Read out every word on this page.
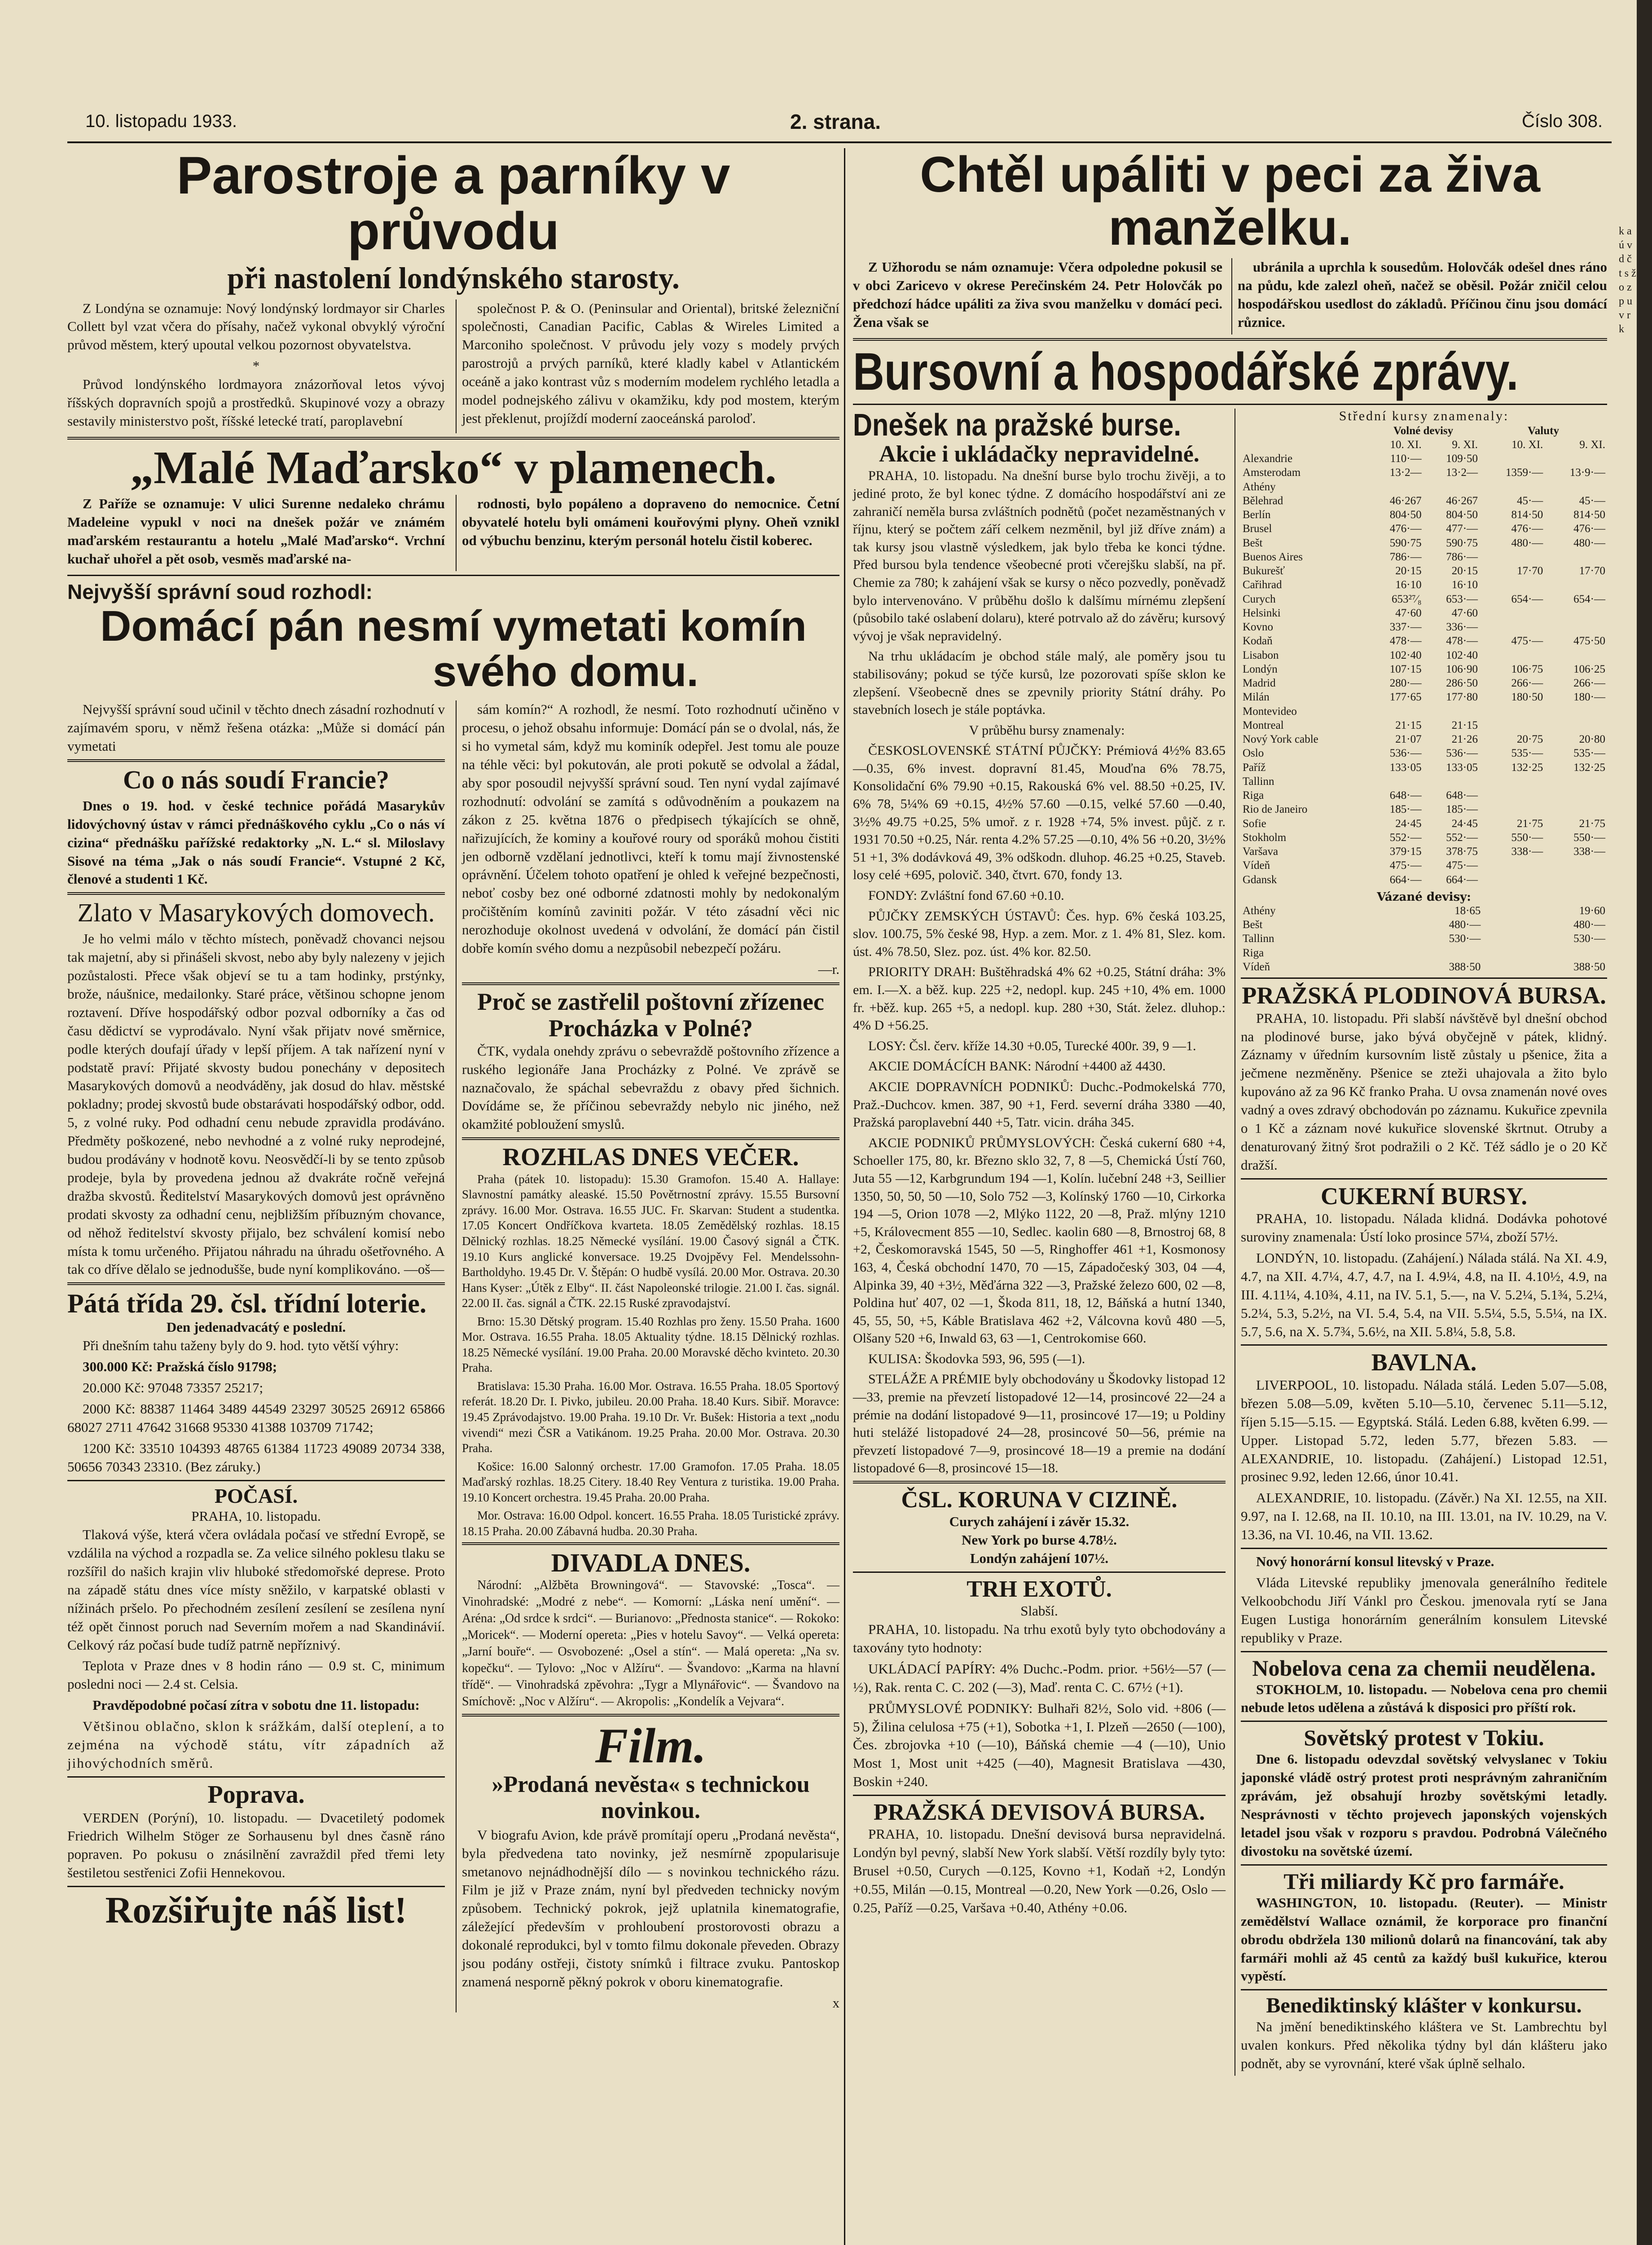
10. listopadu 1933.	2. strana.	Číslo 308.
Parostroje a parníky v průvodu
při nastolení londýnského starosty.

Z Londýna se oznamuje: Nový londýnský lordmayor sir Charles Collett byl vzat včera do přísahy, načež vykonal obvyklý výroční průvod městem, který upoutal velkou pozornost obyvatelstva.

*

Průvod londýnského lordmayora znázorňoval letos vývoj říšských dopravních spojů a prostředků. Skupinové vozy a obrazy sestavily ministerstvo pošt, říšské letecké tratí, paroplavební

společnost P. & O. (Peninsular and Oriental), britské železniční společnosti, Canadian Pacific, Cablas & Wireles Limited a Marconiho společnost. V průvodu jely vozy s modely prvých parostrojů a prvých parníků, které kladly kabel v Atlantickém oceáně a jako kontrast vůz s moderním modelem rychlého letadla a model podnejského zálivu v okamžiku, kdy pod mostem, kterým jest překlenut, projíždí moderní zaoceánská paroloď.

„Malé Maďarsko“ v plamenech.

Z Paříže se oznamuje: V ulici Surenne nedaleko chrámu Madeleine vypukl v noci na dnešek požár ve známém maďarském restaurantu a hotelu „Malé Maďarsko“. Vrchní kuchař uhořel a pět osob, vesměs maďarské na-

rodnosti, bylo popáleno a dopraveno do nemocnice. Četní obyvatelé hotelu byli omámeni kouřovými plyny. Oheň vznikl od výbuchu benzinu, kterým personál hotelu čistil koberec.

Nejvyšší správní soud rozhodl:
Domácí pán nesmí vymetati komín
svého domu.

Nejvyšší správní soud učinil v těchto dnech zásadní rozhodnutí v zajímavém sporu, v němž řešena otázka: „Může si domácí pán vymetati

Co o nás soudí Francie?

Dnes o 19. hod. v české technice pořádá Masarykův lidovýchovný ústav v rámci přednáškového cyklu „Co o nás ví cizina“ přednášku pařížské redaktorky „N. L.“ sl. Miloslavy Sisové na téma „Jak o nás soudí Francie“. Vstupné 2 Kč, členové a studenti 1 Kč.

Zlato v Masarykových domovech.

Je ho velmi málo v těchto místech, poněvadž chovanci nejsou tak majetní, aby si přinášeli skvost, nebo aby byly nalezeny v jejich pozůstalosti. Přece však objeví se tu a tam hodinky, prstýnky, brože, náušnice, medailonky. Staré práce, většinou schopne jenom roztavení. Dříve hospodářský odbor pozval odborníky a čas od času dědictví se vyprodávalo. Nyní však přijatv nové směrnice, podle kterých doufají úřady v lepší příjem. A tak nařízení nyní v podstatě praví: Přijaté skvosty budou ponechány v depositech Masarykových domovů a neodváděny, jak dosud do hlav. městské pokladny; prodej skvostů bude obstarávati hospodářský odbor, odd. 5, z volné ruky. Pod odhadní cenu nebude zpravidla prodáváno. Předměty poškozené, nebo nevhodné a z volné ruky neprodejné, budou prodávány v hodnotě kovu. Neosvědčí-li by se tento způsob prodeje, byla by provedena jednou až dvakráte ročně veřejná dražba skvostů. Ředitelství Masarykových domovů jest oprávněno prodati skvosty za odhadní cenu, nejbližším příbuzným chovance, od něhož ředitelství skvosty přijalo, bez schválení komisí nebo místa k tomu určeného. Přijatou náhradu na úhradu ošetřovného. A tak co dříve dělalo se jednodušše, bude nyní komplikováno. —oš—

Pátá třída 29. čsl. třídní loterie.
Den jedenadvacátý e poslední.

Při dnešním tahu taženy byly do 9. hod. tyto větší výhry:

300.000 Kč: Pražská číslo 91798;

20.000 Kč: 97048 73357 25217;

2000 Kč: 88387 11464 3489 44549 23297 30525 26912 65866 68027 2711 47642 31668 95330 41388 103709 71742;

1200 Kč: 33510 104393 48765 61384 11723 49089 20734 338, 50656 70343 23310. (Bez záruky.)

POČASÍ.
PRAHA, 10. listopadu.

Tlaková výše, která včera ovládala počasí ve střední Evropě, se vzdálila na východ a rozpadla se. Za velice silného poklesu tlaku se rozšířil do našich krajin vliv hluboké středomořské deprese. Proto na západě státu dnes více místy sněžilo, v karpatské oblasti v nížinách pršelo. Po přechodném zesílení zesílení se zesílena nyní též opět činnost poruch nad Severním mořem a nad Skandinávií. Celkový ráz počasí bude tudíž patrně nepříznivý.

Teplota v Praze dnes v 8 hodin ráno — 0.9 st. C, minimum posledni noci — 2.4 st. Celsia.

Pravděpodobné počasí zítra v sobotu dne 11. listopadu:

Většinou oblačno, sklon k srážkám, další oteplení, a to zejména na východě státu, vítr západních až jihovýchodních směrů.

Poprava.

VERDEN (Porýní), 10. listopadu. — Dvacetiletý podomek Friedrich Wilhelm Stöger ze Sorhausenu byl dnes časně ráno popraven. Po pokusu o znásilnění zavraždil před třemi lety šestiletou sestřenici Zofii Hennekovou.

Rozšiřujte náš list!

sám komín?“ A rozhodl, že nesmí. Toto rozhodnutí učiněno v procesu, o jehož obsahu informuje: Domácí pán se o dvolal, nás, že si ho vymetal sám, když mu kominík odepřel. Jest tomu ale pouze na téhle věci: byl pokutován, ale proti pokutě se odvolal a žádal, aby spor posoudil nejvyšší správní soud. Ten nyní vydal zajímavé rozhodnutí: odvolání se zamítá s odůvodněním a poukazem na zákon z 25. května 1876 o předpisech týkajících se ohně, nařizujících, že kominy a kouřové roury od sporáků mohou čistiti jen odborně vzdělaní jednotlivci, kteří k tomu mají živnostenské oprávnění. Účelem tohoto opatření je ohled k veřejné bezpečnosti, neboť cosby bez oné odborné zdatnosti mohly by nedokonalým pročištěním komínů zaviniti požár. V této zásadní věci nic nerozhoduje okolnost uvedená v odvolání, že domácí pán čistil dobře komín svého domu a nezpůsobil nebezpečí požáru.

—r.
Proč se zastřelil poštovní zřízenec Procházka v Polné?

ČTK, vydala onehdy zprávu o sebevraždě poštovního zřízence a ruského legionáře Jana Procházky z Polné. Ve zprávě se naznačovalo, že spáchal sebevraždu z obavy před šichnich. Dovídáme se, že příčinou sebevraždy nebylo nic jiného, než okamžité pobloužení smyslů.

ROZHLAS DNES VEČER.

Praha (pátek 10. listopadu): 15.30 Gramofon. 15.40 A. Hallaye: Slavnostní památky aleaské. 15.50 Povětrnostní zprávy. 15.55 Bursovní zprávy. 16.00 Mor. Ostrava. 16.55 JUC. Fr. Skarvan: Student a studentka. 17.05 Koncert Ondříčkova kvarteta. 18.05 Zemědělský rozhlas. 18.15 Dělnický rozhlas. 18.25 Německé vysílání. 19.00 Časový signál a ČTK. 19.10 Kurs anglické konversace. 19.25 Dvojpěvy Fel. Mendelssohn-Bartholdyho. 19.45 Dr. V. Štěpán: O hudbě vysílá. 20.00 Mor. Ostrava. 20.30 Hans Kyser: „Útěk z Elby“. II. část Napoleonské trilogie. 21.00 I. čas. signál. 22.00 II. čas. signál a ČTK. 22.15 Ruské zpravodajství.

Brno: 15.30 Dětský program. 15.40 Rozhlas pro ženy. 15.50 Praha. 1600 Mor. Ostrava. 16.55 Praha. 18.05 Aktuality týdne. 18.15 Dělnický rozhlas. 18.25 Německé vysílání. 19.00 Praha. 20.00 Moravské děcho kvinteto. 20.30 Praha.

Bratislava: 15.30 Praha. 16.00 Mor. Ostrava. 16.55 Praha. 18.05 Sportový referát. 18.20 Dr. I. Pivko, jubileu. 20.00 Praha. 18.40 Kurs. Sibiř. Moravce: 19.45 Zprávodajstvo. 19.00 Praha. 19.10 Dr. Vr. Bušek: Historia a text „nodu vivendi“ mezi ČSR a Vatikánom. 19.25 Praha. 20.00 Mor. Ostrava. 20.30 Praha.

Košice: 16.00 Salonný orchestr. 17.00 Gramofon. 17.05 Praha. 18.05 Maďarský rozhlas. 18.25 Citery. 18.40 Rey Ventura z turistika. 19.00 Praha. 19.10 Koncert orchestra. 19.45 Praha. 20.00 Praha.

Mor. Ostrava: 16.00 Odpol. koncert. 16.55 Praha. 18.05 Turistické zprávy. 18.15 Praha. 20.00 Zábavná hudba. 20.30 Praha.

DIVADLA DNES.

Národní: „Alžběta Browningová“. — Stavovské: „Tosca“. — Vinohradské: „Modré z nebe“. — Komorní: „Láska není umění“. — Aréna: „Od srdce k srdci“. — Burianovo: „Přednosta stanice“. — Rokoko: „Moricek“. — Moderní opereta: „Pies v hotelu Savoy“. — Velká opereta: „Jarní bouře“. — Osvobozené: „Osel a stín“. — Malá opereta: „Na sv. kopečku“. — Tylovo: „Noc v Alžíru“. — Švandovo: „Karma na hlavní třídě“. — Vinohradská zpěvohra: „Tygr a Mlynářovic“. — Švandovo na Smíchově: „Noc v Alžíru“. — Akropolis: „Kondelík a Vejvara“.

Film.
»Prodaná nevěsta« s technickou novinkou.

V biografu Avion, kde právě promítají operu „Prodaná nevěsta“, byla předvedena tato novinky, jež nesmírně zpopularisuje smetanovo nejnádhodnější dílo — s novinkou technického rázu. Film je již v Praze znám, nyní byl předveden technicky novým způsobem. Technický pokrok, jejž uplatnila kinematografie, záležející především v prohloubení prostorovosti obrazu a dokonalé reprodukci, byl v tomto filmu dokonale převeden. Obrazy jsou podány ostřeji, čistoty snímků i filtrace zvuku. Pantoskop znamená nesporně pěkný pokrok v oboru kinematografie.

x
Chtěl upáliti v peci za živa manželku.

Z Užhorodu se nám oznamuje: Včera odpoledne pokusil se v obci Zaricevo v okrese Perečinském 24. Petr Holovčák po předchozí hádce upáliti za živa svou manželku v domácí peci. Žena však se

ubránila a uprchla k sousedům. Holovčák odešel dnes ráno na půdu, kde zalezl oheň, načež se oběsil. Požár zničil celou hospodářskou usedlost do základů. Příčinou činu jsou domácí různice.

Bursovní a hospodářské zprávy.
Dnešek na pražské burse.
Akcie i ukládačky nepravidelné.

PRAHA, 10. listopadu. Na dnešní burse bylo trochu živěji, a to jediné proto, že byl konec týdne. Z domácího hospodářství ani ze zahraničí neměla bursa zvláštních podnětů (počet nezaměstnaných v říjnu, který se počtem září celkem nezměnil, byl již dříve znám) a tak kursy jsou vlastně výsledkem, jak bylo třeba ke konci týdne. Před bursou byla tendence všeobecné proti včerejšku slabší, na př. Chemie za 780; k zahájení však se kursy o něco pozvedly, poněvadž bylo intervenováno. V průběhu došlo k dalšímu mírnému zlepšení (působilo také oslabení dolaru), které potrvalo až do závěru; kursový vývoj je však nepravidelný.

Na trhu ukládacím je obchod stále malý, ale poměry jsou tu stabilisovány; pokud se týče kursů, lze pozorovati spíše sklon ke zlepšení. Všeobecně dnes se zpevnily priority Státní dráhy. Po stavebních losech je stále poptávka.

V průběhu bursy znamenaly:

ČESKOSLOVENSKÉ STÁTNÍ PŮJČKY: Prémiová 4½% 83.65 —0.35, 6% invest. dopravní 81.45, Mouďna 6% 78.75, Konsolidační 6% 79.90 +0.15, Rakouská 6% vel. 88.50 +0.25, IV. 6% 78, 5¼% 69 +0.15, 4½% 57.60 —0.15, velké 57.60 —0.40, 3½% 49.75 +0.25, 5% umoř. z r. 1928 +74, 5% invest. půjč. z r. 1931 70.50 +0.25, Nár. renta 4.2% 57.25 —0.10, 4% 56 +0.20, 3½% 51 +1, 3% dodávková 49, 3% odškodn. dluhop. 46.25 +0.25, Staveb. losy celé +695, polovič. 340, čtvrt. 670, fondy 13.

FONDY: Zvláštní fond 67.60 +0.10.

PŮJČKY ZEMSKÝCH ÚSTAVŮ: Čes. hyp. 6% česká 103.25, slov. 100.75, 5% české 98, Hyp. a zem. Mor. z 1. 4% 81, Slez. kom. úst. 4% 78.50, Slez. poz. úst. 4% kor. 82.50.

PRIORITY DRAH: Buštěhradská 4% 62 +0.25, Státní dráha: 3% em. I.—X. a běž. kup. 225 +2, nedopl. kup. 245 +10, 4% em. 1000 fr. +běž. kup. 265 +5, a nedopl. kup. 280 +30, Stát. želez. dluhop.: 4% D +56.25.

LOSY: Čsl. červ. kříže 14.30 +0.05, Turecké 400r. 39, 9 —1.

AKCIE DOMÁCÍCH BANK: Národní +4400 až 4430.

AKCIE DOPRAVNÍCH PODNIKŮ: Duchc.-Podmokelská 770, Praž.-Duchcov. kmen. 387, 90 +1, Ferd. severní dráha 3380 —40, Pražská paroplavební 440 +5, Tatr. vicin. dráha 345.

AKCIE PODNIKŮ PRŮMYSLOVÝCH: Česká cukerní 680 +4, Schoeller 175, 80, kr. Březno sklo 32, 7, 8 —5, Chemická Ústí 760, Juta 55 —12, Karbgrundum 194 —1, Kolín. lučební 248 +3, Seillier 1350, 50, 50, 50 —10, Solo 752 —3, Kolínský 1760 —10, Cirkorka 194 —5, Orion 1078 —2, Mlýko 1122, 20 —8, Praž. mlýny 1210 +5, Královecment 855 —10, Sedlec. kaolin 680 —8, Brnostroj 68, 8 +2, Českomoravská 1545, 50 —5, Ringhoffer 461 +1, Kosmonosy 163, 4, Česká obchodní 1470, 70 —15, Západočeský 303, 04 —4, Alpinka 39, 40 +3½, Měďárna 322 —3, Pražské železo 600, 02 —8, Poldina huť 407, 02 —1, Škoda 811, 18, 12, Báňská a hutní 1340, 45, 55, 50, +5, Káble Bratislava 462 +2, Válcovna kovů 480 —5, Olšany 520 +6, Inwald 63, 63 —1, Centrokomise 660.

KULISA: Škodovka 593, 96, 595 (—1).

STELÁŽE A PRÉMIE byly obchodovány u Škodovky listopad 12—33, premie na převzetí listopadové 12—14, prosincové 22—24 a prémie na dodání listopadové 9—11, prosincové 17—19; u Poldiny huti stelážé listopadové 24—28, prosincové 50—56, prémie na převzetí listopadové 7—9, prosincové 18—19 a premie na dodání listopadové 6—8, prosincové 15—18.

ČSL. KORUNA V CIZINĚ.
Curych zahájení i závěr 15.32.
New York po burse 4.78½.
Londýn zahájení 107½.
TRH EXOTŮ.
Slabší.

PRAHA, 10. listopadu. Na trhu exotů byly tyto obchodovány a taxovány tyto hodnoty:

UKLÁDACÍ PAPÍRY: 4% Duchc.-Podm. prior. +56½—57 (—½), Rak. renta C. C. 202 (—3), Maď. renta C. C. 67½ (+1).

PRŮMYSLOVÉ PODNIKY: Bulhaři 82½, Solo vid. +806 (—5), Žilina celulosa +75 (+1), Sobotka +1, I. Plzeň —2650 (—100), Čes. zbrojovka +10 (—10), Báňská chemie —4 (—10), Unio Most 1, Most unit +425 (—40), Magnesit Bratislava —430, Boskin +240.

PRAŽSKÁ DEVISOVÁ BURSA.

PRAHA, 10. listopadu. Dnešní devisová bursa nepravidelná. Londýn byl pevný, slabší New York slabší. Větší rozdíly byly tyto: Brusel +0.50, Curych —0.125, Kovno +1, Kodaň +2, Londýn +0.55, Milán —0.15, Montreal —0.20, New York —0.26, Oslo —0.25, Paříž —0.25, Varšava +0.40, Athény +0.06.

Střední kursy znamenaly:
	Volné devisy		Valuty	
	10. XI.	9. XI.	10. XI.	9. XI.
Alexandrie	110·—	109·50		
Amsterodam	13·2—	13·2—	1359·—	13·9·—
Athény				
Bělehrad	46·267	46·267	45·—	45·—
Berlín	804·50	804·50	814·50	814·50
Brusel	476·—	477·—	476·—	476·—
Bešt	590·75	590·75	480·—	480·—
Buenos Aires	786·—	786·—		
Bukurešť	20·15	20·15	17·70	17·70
Cařihrad	16·10	16·10		
Curych	653²⁷⁄₈	653·—	654·—	654·—
Helsinki	47·60	47·60		
Kovno	337·—	336·—		
Kodaň	478·—	478·—	475·—	475·50
Lisabon	102·40	102·40		
Londýn	107·15	106·90	106·75	106·25
Madrid	280·—	286·50	266·—	266·—
Milán	177·65	177·80	180·50	180·—
Montevideo				
Montreal	21·15	21·15		
Nový York cable	21·07	21·26	20·75	20·80
Oslo	536·—	536·—	535·—	535·—
Paříž	133·05	133·05	132·25	132·25
Tallinn				
Riga	648·—	648·—		
Rio de Janeiro	185·—	185·—		
Sofie	24·45	24·45	21·75	21·75
Stokholm	552·—	552·—	550·—	550·—
Varšava	379·15	378·75	338·—	338·—
Vídeň	475·—	475·—		
Gdansk	664·—	664·—		
Vázané devisy:
Athény		18·65		19·60
Bešt		480·—		480·—
Tallinn		530·—		530·—
Riga				
Vídeň		388·50		388·50
PRAŽSKÁ PLODINOVÁ BURSA.

PRAHA, 10. listopadu. Při slabší návštěvě byl dnešní obchod na plodinové burse, jako bývá obyčejně v pátek, klidný. Záznamy v úředním kursovním listě zůstaly u pšenice, žita a ječmene nezměněny. Pšenice se zteži uhajovala a žito bylo kupováno až za 96 Kč franko Praha. U ovsa znamenán nové oves vadný a oves zdravý obchodován po záznamu. Kukuřice zpevnila o 1 Kč a záznam nové kukuřice slovenské škrtnut. Otruby a denaturovaný žitný šrot podražili o 2 Kč. Též sádlo je o 20 Kč dražší.

CUKERNÍ BURSY.

PRAHA, 10. listopadu. Nálada klidná. Dodávka pohotové suroviny znamenala: Ústí loko prosince 57¼, zboží 57½.

LONDÝN, 10. listopadu. (Zahájení.) Nálada stálá. Na XI. 4.9, 4.7, na XII. 4.7¼, 4.7, 4.7, na I. 4.9¼, 4.8, na II. 4.10½, 4.9, na III. 4.11¼, 4.10¾, 4.11, na IV. 5.1, 5.—, na V. 5.2¼, 5.1¾, 5.2¼, 5.2¼, 5.3, 5.2½, na VI. 5.4, 5.4, na VII. 5.5¼, 5.5, 5.5¼, na IX. 5.7, 5.6, na X. 5.7¾, 5.6½, na XII. 5.8¼, 5.8, 5.8.

BAVLNA.

LIVERPOOL, 10. listopadu. Nálada stálá. Leden 5.07—5.08, březen 5.08—5.09, květen 5.10—5.10, červenec 5.11—5.12, říjen 5.15—5.15. — Egyptská. Stálá. Leden 6.88, květen 6.99. — Upper. Listopad 5.72, leden 5.77, březen 5.83. — ALEXANDRIE, 10. listopadu. (Zahájení.) Listopad 12.51, prosinec 9.92, leden 12.66, únor 10.41.

ALEXANDRIE, 10. listopadu. (Závěr.) Na XI. 12.55, na XII. 9.97, na I. 12.68, na II. 10.10, na III. 13.01, na IV. 10.29, na V. 13.36, na VI. 10.46, na VII. 13.62.

Nový honorární konsul litevský v Praze.

Vláda Litevské republiky jmenovala generálního ředitele Velkoobchodu Jiří Vánkl pro Českou. jmenovala rytí se Jana Eugen Lustiga honorárním generálním konsulem Litevské republiky v Praze.

Nobelova cena za chemii neudělena.

STOKHOLM, 10. listopadu. — Nobelova cena pro chemii nebude letos udělena a zůstává k disposici pro příští rok.

Sovětský protest v Tokiu.

Dne 6. listopadu odevzdal sovětský velvyslanec v Tokiu japonské vládě ostrý protest proti nesprávným zahraničním zprávám, jež obsahují hrozby sovětskými letadly. Nesprávnosti v těchto projevech japonských vojenských letadel jsou však v rozporu s pravdou. Podrobná Válečného divostoku na sovětské území.

Tři miliardy Kč pro farmáře.

WASHINGTON, 10. listopadu. (Reuter). — Ministr zemědělství Wallace oznámil, že korporace pro finanční obrodu obdržela 130 milionů dolarů na financování, tak aby farmáři mohli až 45 centů za každý bušl kukuřice, kterou vypěstí.

Benediktinský klášter v konkursu.

Na jmění benediktinského kláštera ve St. Lambrechtu byl uvalen konkurs. Před několika týdny byl dán klášteru jako podnět, aby se vyrovnání, které však úplně selhalo.

k a ú v d č t s ž o z p u v r k
